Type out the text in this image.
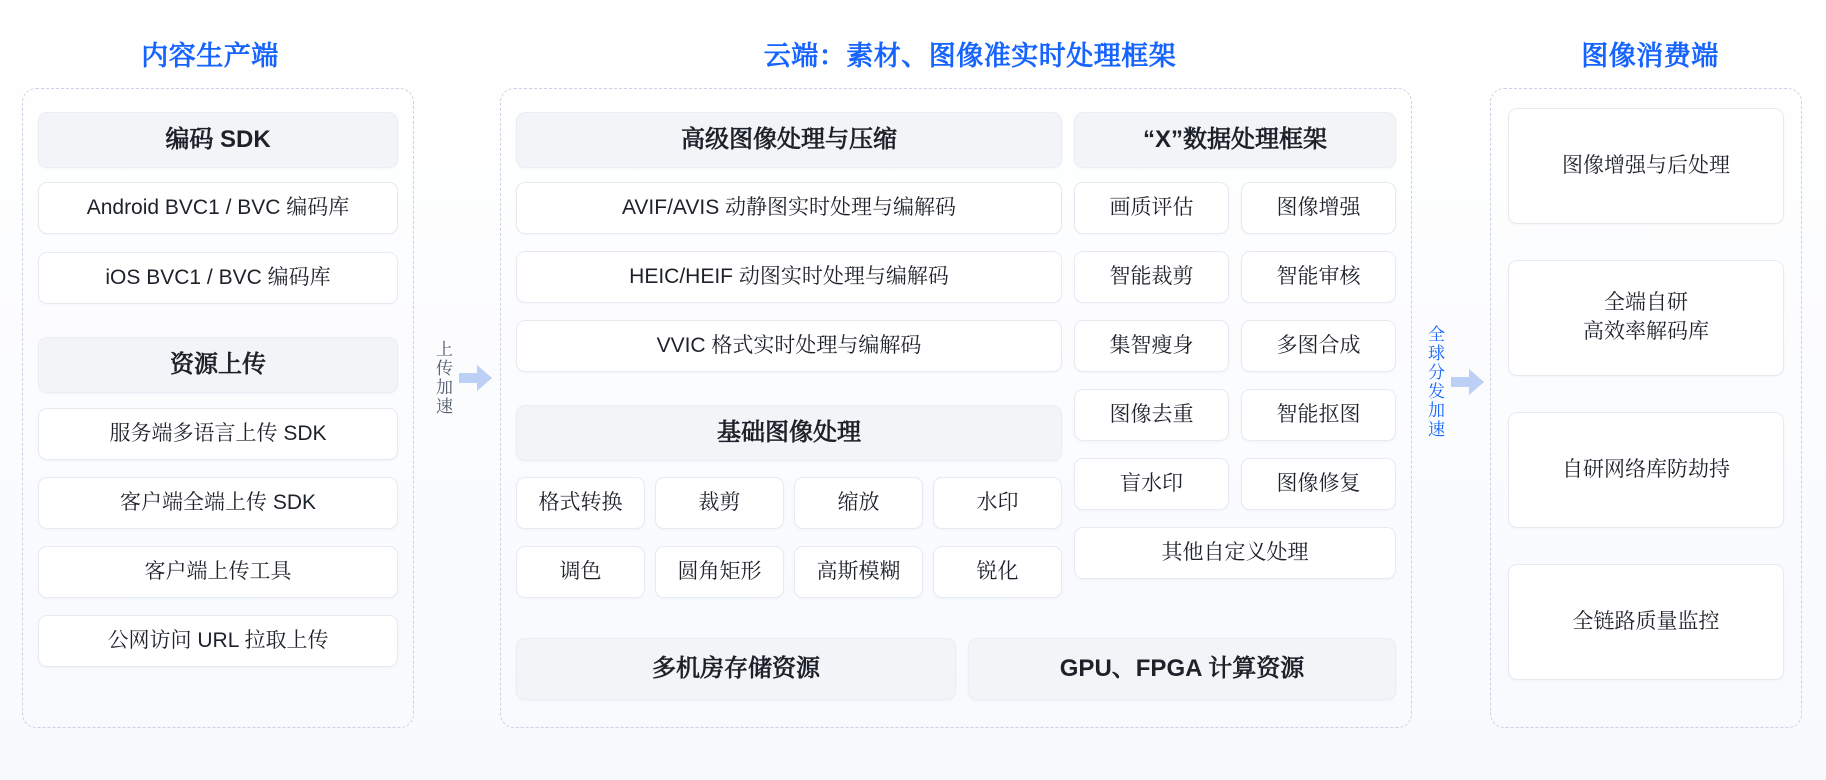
内容生产端
编码 SDK
Android BVC1 / BVC 编码库
iOS BVC1 / BVC 编码库
资源上传
服务端多语言上传 SDK
客户端全端上传 SDK
客户端上传工具
公网访问 URL 拉取上传
上传加速
云端：素材、图像准实时处理框架
高级图像处理与压缩
AVIF/AVIS 动静图实时处理与编解码
HEIC/HEIF 动图实时处理与编解码
VVIC 格式实时处理与编解码
基础图像处理
格式转换	裁剪	缩放	水印
调色	圆角矩形	高斯模糊	锐化
“X”数据处理框架
画质评估	图像增强
智能裁剪	智能审核
集智瘦身	多图合成
图像去重	智能抠图
盲水印	图像修复
其他自定义处理
多机房存储资源	GPU、FPGA 计算资源
全球分发加速
图像消费端
图像增强与后处理
全端自研
高效率解码库
自研网络库防劫持
全链路质量监控
